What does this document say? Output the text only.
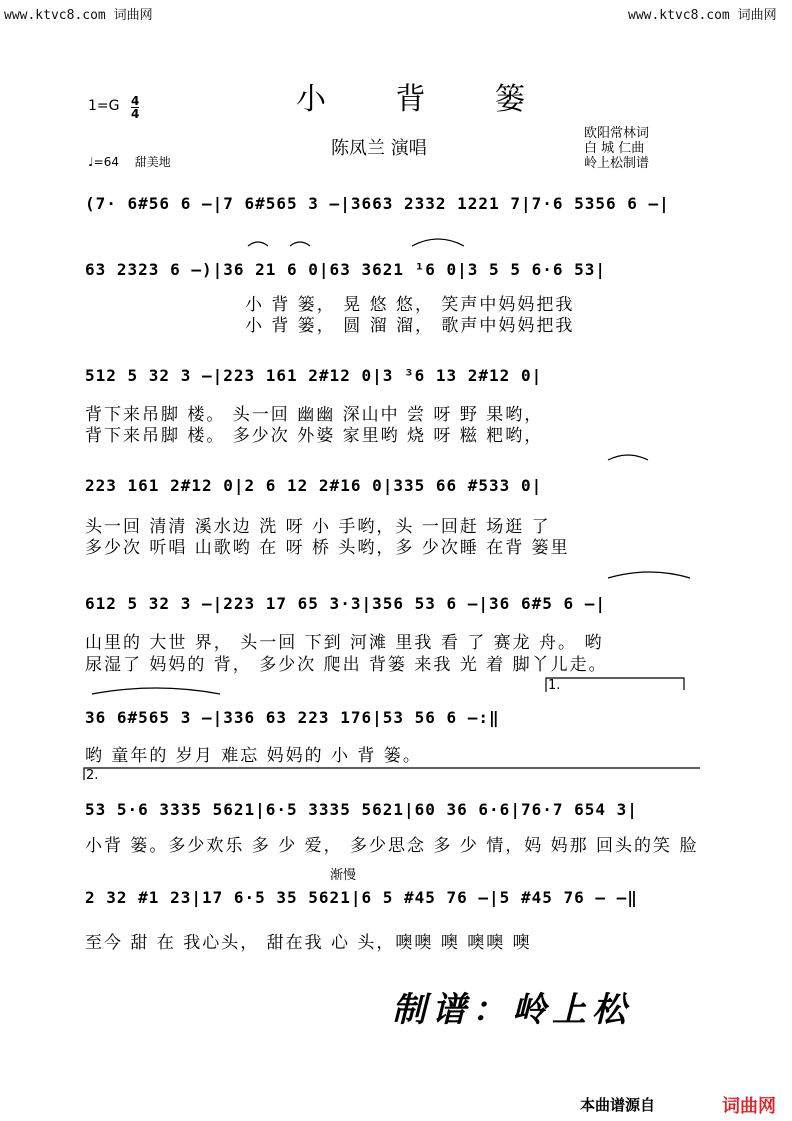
www.ktvc8.com 词曲网	www.ktvc8.com 词曲网
小 背 篓
$1=G \frac{4}{4}$
♩=64　 甜美地
陈凤兰 演唱
欧阳常林词
白 城 仁曲
岭上松制谱
(7· 6#56 6 –|7 6#565 3 –|3663 2332 1221 7|7·6 5356 6 –|
63 2323 6 –)|36 21 6 0|63 3621 ¹6 0|3 5 5 6·6 53|
小 背 篓， 晃 悠 悠， 笑声中妈妈把我
小 背 篓， 圆 溜 溜， 歌声中妈妈把我
512 5 32 3 –|223 161 2#12 0|3 ³6 13 2#12 0|
背下来吊脚 楼。 头一回 幽幽 深山中 尝 呀 野 果哟，
背下来吊脚 楼。 多少次 外婆 家里哟 烧 呀 糍 粑哟，
223 161 2#12 0|2 6 12 2#16 0|335 66 #533 0|
头一回 清清 溪水边 洗 呀 小 手哟，头 一回赶 场逛 了
多少次 听唱 山歌哟 在 呀 桥 头哟，多 少次睡 在背 篓里
612 5 32 3 –|223 17 65 3·3|356 53 6 –|36 6#5 6 –|
山里的 大世 界， 头一回 下到 河滩 里我 看 了 赛龙 舟。 哟
尿湿了 妈妈的 背， 多少次 爬出 背篓 来我 光 着 脚丫儿走。
1.
36 6#565 3 –|336 63 223 176|53 56 6 –:‖
哟 童年的 岁月 难忘 妈妈的 小 背 篓。
2.
53 5·6 3335 5621|6·5 3335 5621|60 36 6·6|76·7 654 3|
小背 篓。多少欢乐 多 少 爱， 多少思念 多 少 情，妈 妈那 回头的笑 脸
渐慢
2 32 #1 23|17 6·5 35 5621|6 5 #45 76 –|5 #45 76 – –‖
至今 甜 在 我心头， 甜在我 心 头，噢噢 噢 噢噢 噢
制谱：岭上松
本曲谱源自	词曲网
